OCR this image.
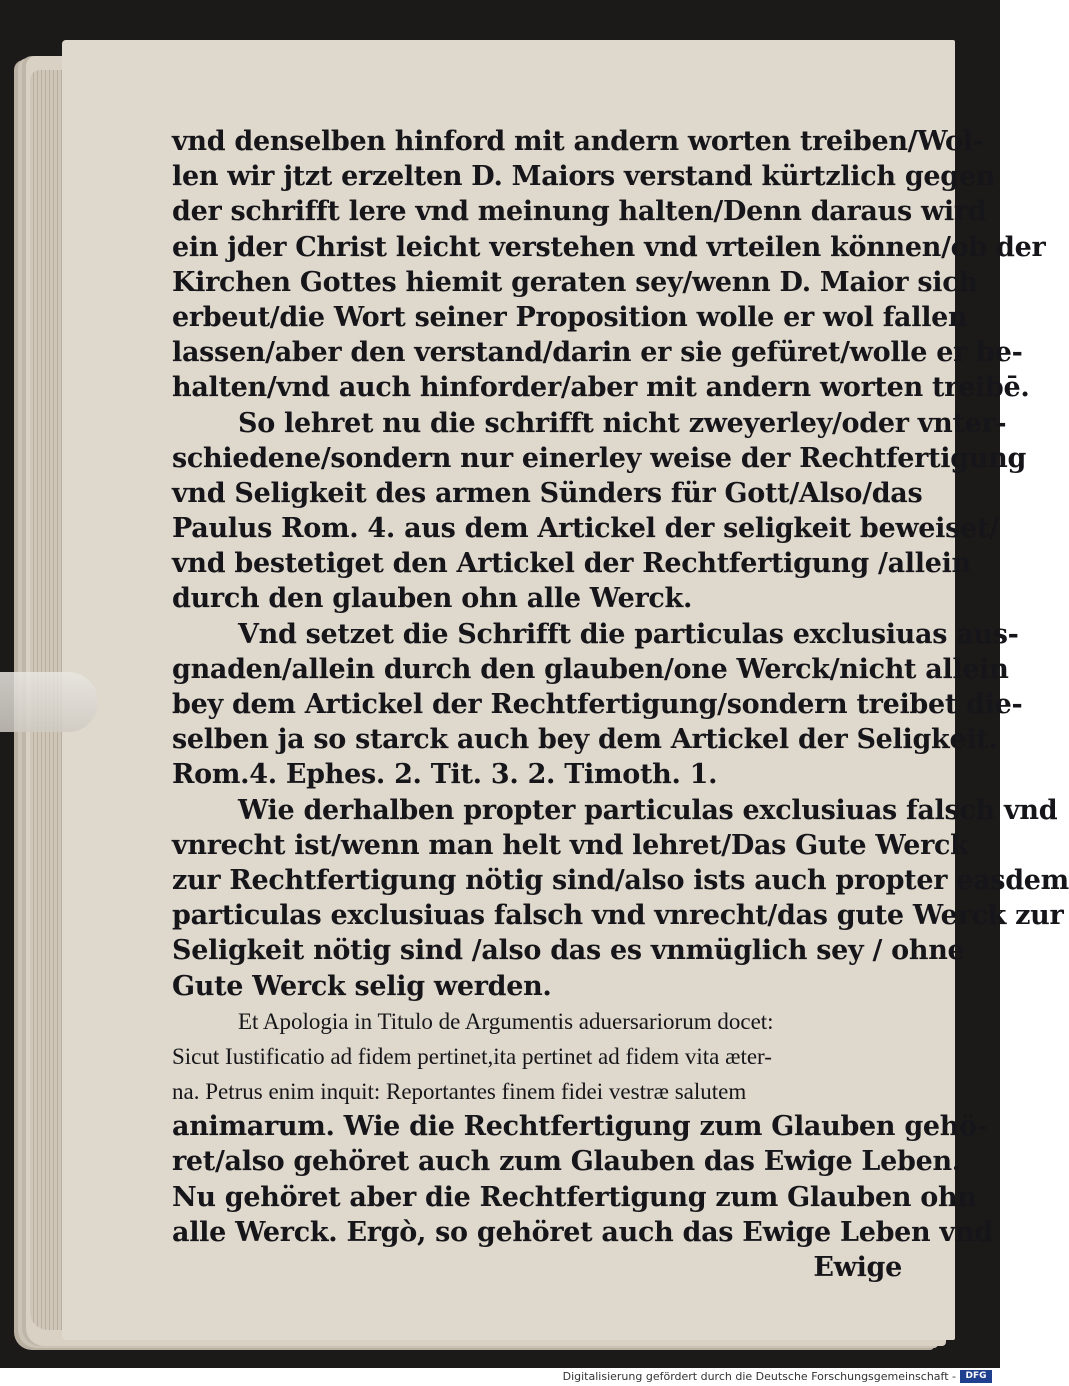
vnd denselben hinford mit andern worten treiben/Wol-
len wir jtzt erzelten D. Maiors verstand kürtzlich gegen
der schrifft lere vnd meinung halten/Denn daraus wird
ein jder Christ leicht verstehen vnd vrteilen können/ob der
Kirchen Gottes hiemit geraten sey/wenn D. Maior sich
erbeut/die Wort seiner Proposition wolle er wol fallen
lassen/aber den verstand/darin er sie gefüret/wolle er be-
halten/vnd auch hinforder/aber mit andern worten treibē.
So lehret nu die schrifft nicht zweyerley/oder vnter-
schiedene/sondern nur einerley weise der Rechtfertigung
vnd Seligkeit des armen Sünders für Gott/Also/das
Paulus Rom. 4. aus dem Artickel der seligkeit beweiset/
vnd bestetiget den Artickel der Rechtfertigung /allein
durch den glauben ohn alle Werck.
Vnd setzet die Schrifft die particulas exclusiuas aus-
gnaden/allein durch den glauben/one Werck/nicht allein
bey dem Artickel der Rechtfertigung/sondern treibet die-
selben ja so starck auch bey dem Artickel der Seligkeit.
Rom.4. Ephes. 2. Tit. 3. 2. Timoth. 1.
Wie derhalben propter particulas exclusiuas falsch vnd
vnrecht ist/wenn man helt vnd lehret/Das Gute Werck
zur Rechtfertigung nötig sind/also ists auch propter easdem
particulas exclusiuas falsch vnd vnrecht/das gute Werck zur
Seligkeit nötig sind /also das es vnmüglich sey / ohne
Gute Werck selig werden.
Et Apologia in Titulo de Argumentis aduersariorum docet:
Sicut Iustificatio ad fidem pertinet,ita pertinet ad fidem vita æter-
na. Petrus enim inquit: Reportantes finem fidei vestræ salutem
animarum. Wie die Rechtfertigung zum Glauben gehö-
ret/also gehöret auch zum Glauben das Ewige Leben.
Nu gehöret aber die Rechtfertigung zum Glauben ohn
alle Werck. Ergò, so gehöret auch das Ewige Leben vnd
Ewige
Digitalisierung gefördert durch die Deutsche Forschungsgemeinschaft -	DFG
